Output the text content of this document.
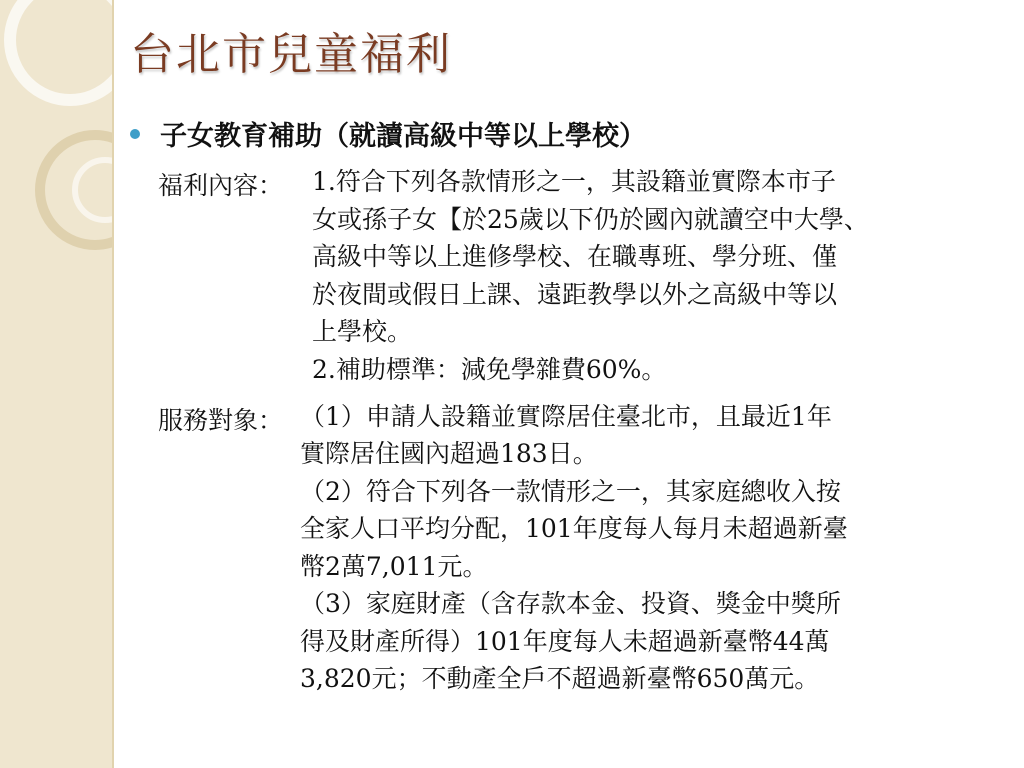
台北市兒童福利
子女教育補助（就讀高級中等以上學校）
福利內容： 1.符合下列各款情形之一，其設籍並實際本市子
女或孫子女【於25歲以下仍於國內就讀空中大學、
高級中等以上進修學校、在職專班、學分班、僅
於夜間或假日上課、遠距教學以外之高級中等以
上學校。
2.補助標準：減免學雜費60%。
服務對象： （1）申請人設籍並實際居住臺北市，且最近1年
實際居住國內超過183日。
（2）符合下列各一款情形之一，其家庭總收入按
全家人口平均分配，101年度每人每月未超過新臺
幣2萬7,011元。
（3）家庭財產（含存款本金、投資、獎金中獎所
得及財產所得）101年度每人未超過新臺幣44萬
3,820元；不動產全戶不超過新臺幣650萬元。
